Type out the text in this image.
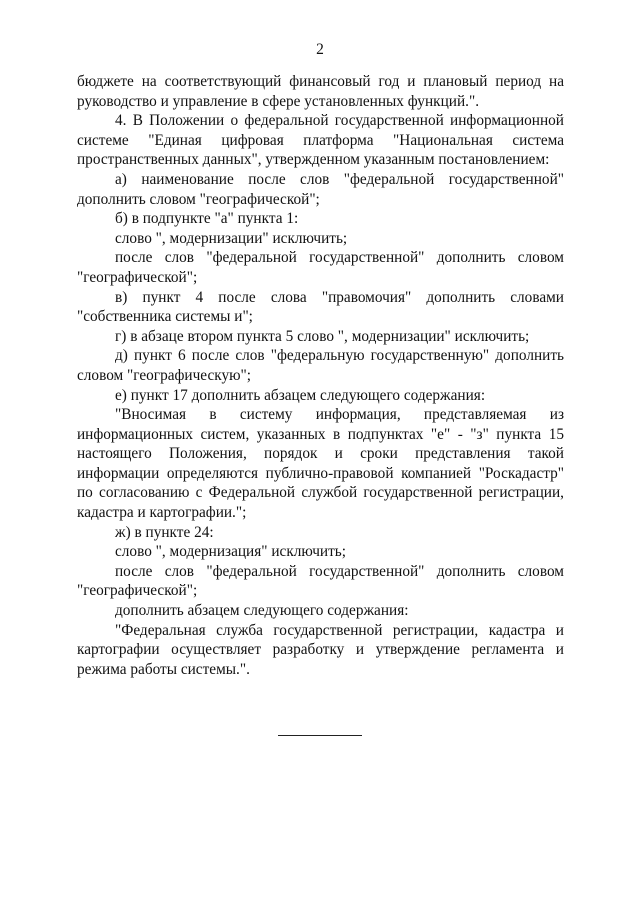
2

бюджете на соответствующий финансовый год и плановый период на руководство и управление в сфере установленных функций.".

4. В Положении о федеральной государственной информационной системе "Единая цифровая платформа "Национальная система пространственных данных", утвержденном указанным постановлением:

а) наименование после слов "федеральной государственной" дополнить словом "географической";

б) в подпункте "а" пункта 1:

слово ", модернизации" исключить;

после слов "федеральной государственной" дополнить словом "географической";

в) пункт 4 после слова "правомочия" дополнить словами "собственника системы и";

г) в абзаце втором пункта 5 слово ", модернизации" исключить;

д) пункт 6 после слов "федеральную государственную" дополнить словом "географическую";

е) пункт 17 дополнить абзацем следующего содержания:

"Вносимая в систему информация, представляемая из информационных систем, указанных в подпунктах "е" - "з" пункта 15 настоящего Положения, порядок и сроки представления такой информации определяются публично-правовой компанией "Роскадастр" по согласованию с Федеральной службой государственной регистрации, кадастра и картографии.";

ж) в пункте 24:

слово ", модернизация" исключить;

после слов "федеральной государственной" дополнить словом "географической";

дополнить абзацем следующего содержания:

"Федеральная служба государственной регистрации, кадастра и картографии осуществляет разработку и утверждение регламента и режима работы системы.".
